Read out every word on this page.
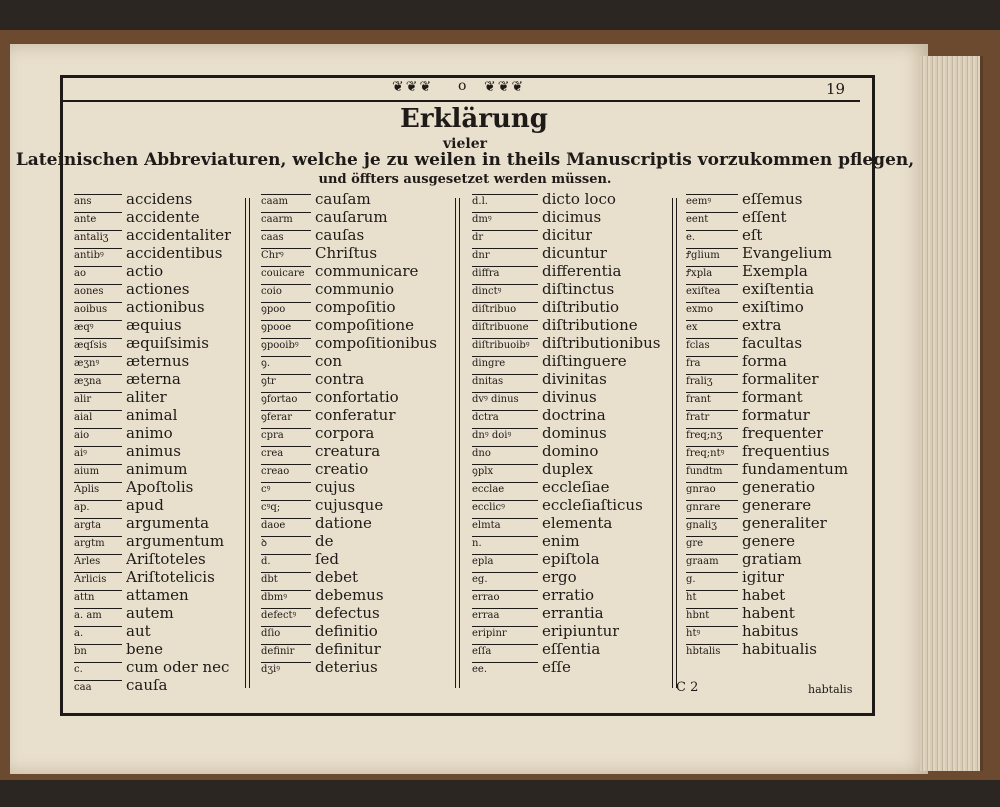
❦❦❦ o ❦❦❦	19
Erklärung
vieler
Lateinischen Abbreviaturen, welche je zu weilen in theils Manuscriptis vorzukommen pflegen,
und öffters ausgesetzet werden müssen.
ans	accidens
ante	accidente
antaliʒ	accidentaliter
antibꝰ	accidentibus
ao	actio
aones	actiones
aoibus	actionibus
æqꝰ	æquius
æqſsis	æquiſsimis
æʒnꝰ	æternus
æʒna	æterna
alir	aliter
aial	animal
aio	animo
aiꝰ	animus
aium	animum
Aplis	Apoſtolis
ap.	apud
argta	argumenta
argtm	argumentum
Arles	Ariſtoteles
Arlicis	Ariſtotelicis
attn	attamen
a. am	autem
a.	aut
bn	bene
c.	cum oder nec
caa	cauſa
caam	cauſam
caarm	cauſarum
caas	cauſas
Chrꝰ	Chriſtus
couicare communicare
coio	communio
ꝯpoo	compoſitio
ꝯpooe	compoſitione
ꝯpooibꝰ	compoſitionibus
ꝯ.	con
ꝯtr	contra
ꝯfortao	confortatio
ꝯferar	conferatur
cpra	corpora
crea	creatura
creao	creatio
cꝰ	cujus
cꝰq;	cujusque
daoe	datione
ꝺ	de
d.	ſed
dbt	debet
dbmꝰ	debemus
defectꝰ	defectus
dſio	definitio
definir	definitur
dʒiꝰ	deterius
d.l.	dicto loco
dmꝰ	dicimus
dr	dicitur
dnr	dicuntur
diffra	differentia
dinctꝰ	diſtinctus
diſtribuo	diſtributio
diſtribuone diſtributione
diſtribuoibꝰ diſtributionibus
dingre	diſtinguere
dnitas	divinitas
dvꝰ dinus	divinus
dctra	doctrina
dnꝰ doiꝰ	dominus
dno	domino
ꝯplx	duplex
ecclae	eccleſiae
ecclicꝰ	eccleſiaſticus
elmta	elementa
n.	enim
epla	epiſtola
eg.	ergo
errao	erratio
erraa	errantia
eripinr	eripiuntur
eſſa	eſſentia
ee.	eſſe
eemꝰ	eſſemus
eent	eſſent
e.	eſt
Ꝭglium	Evangelium
Ꝭxpla	Exempla
exiſtea	exiſtentia
exmo	exiſtimo
ex	extra
fclas	facultas
fra	forma
fraliʒ	formaliter
frant	formant
fratr	formatur
freq;nʒ	frequenter
freq;ntꝰ	frequentius
fundtm	fundamentum
gnrao	generatio
gnrare	generare
gnaliʒ	generaliter
gre	genere
graam	gratiam
g.	igitur
ht	habet
hbnt	habent
htꝰ	habitus
hbtalis	habitualis
C 2	habtalis
